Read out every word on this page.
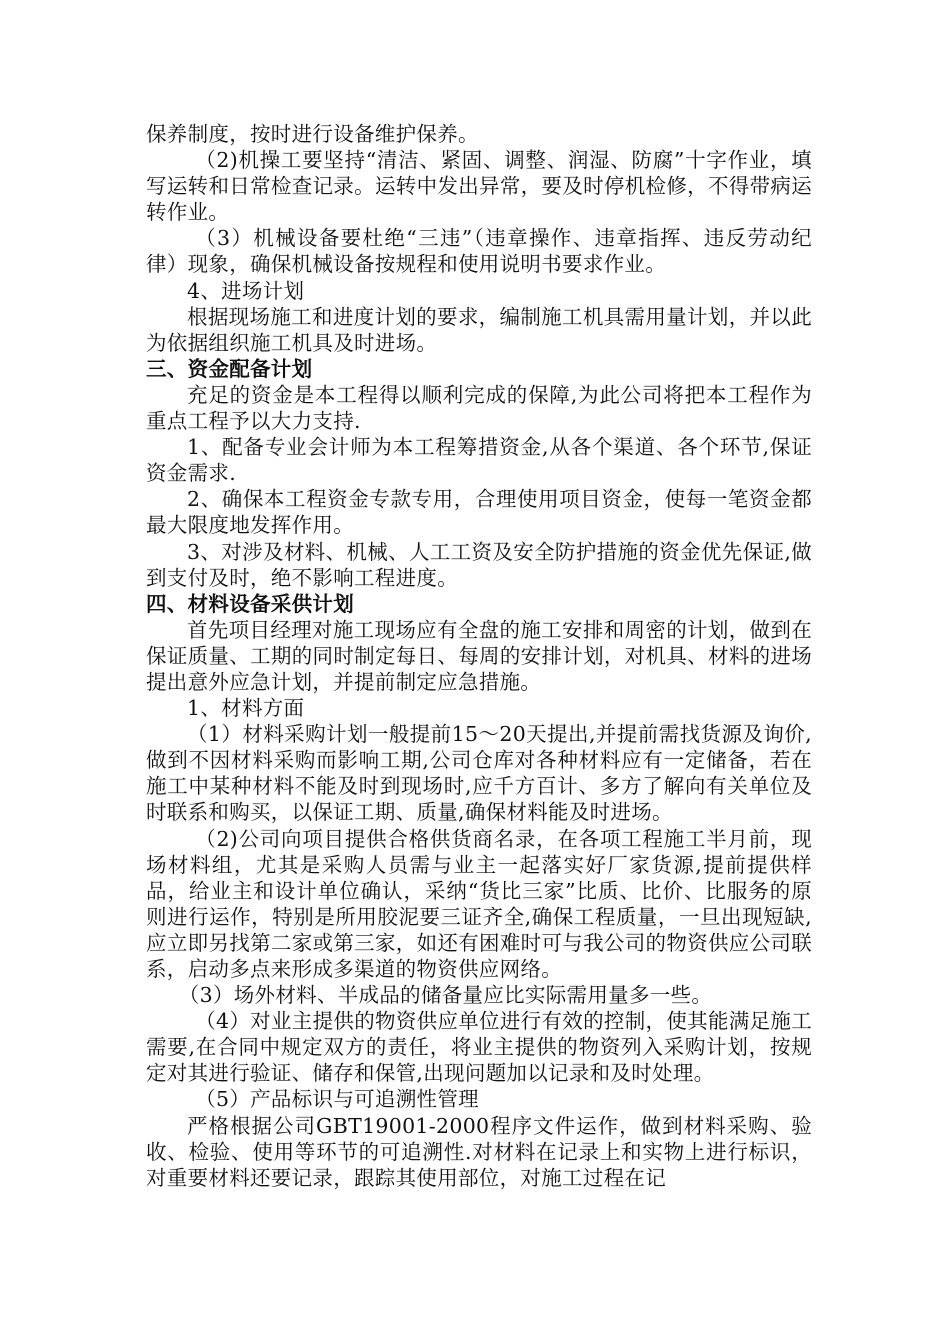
保养制度，按时进行设备维护保养。

（2)机操工要坚持“清洁、紧固、调整、润湿、防腐”十字作业，填写运转和日常检查记录。运转中发出异常，要及时停机检修，不得带病运转作业。

（3）机械设备要杜绝“三违”（违章操作、违章指挥、违反劳动纪律）现象，确保机械设备按规程和使用说明书要求作业。

4、进场计划

根据现场施工和进度计划的要求，编制施工机具需用量计划，并以此为依据组织施工机具及时进场。

三、资金配备计划

充足的资金是本工程得以顺利完成的保障,为此公司将把本工程作为重点工程予以大力支持.

1、配备专业会计师为本工程筹措资金,从各个渠道、各个环节,保证资金需求.

2、确保本工程资金专款专用，合理使用项目资金，使每一笔资金都最大限度地发挥作用。

3、对涉及材料、机械、人工工资及安全防护措施的资金优先保证,做到支付及时，绝不影响工程进度。

四、材料设备采供计划

首先项目经理对施工现场应有全盘的施工安排和周密的计划，做到在保证质量、工期的同时制定每日、每周的安排计划，对机具、材料的进场提出意外应急计划，并提前制定应急措施。

1、材料方面

（1）材料采购计划一般提前15～20天提出,并提前需找货源及询价,做到不因材料采购而影响工期,公司仓库对各种材料应有一定储备，若在施工中某种材料不能及时到现场时,应千方百计、多方了解向有关单位及时联系和购买，以保证工期、质量,确保材料能及时进场。

（2)公司向项目提供合格供货商名录，在各项工程施工半月前，现场材料组，尤其是采购人员需与业主一起落实好厂家货源,提前提供样品，给业主和设计单位确认，采纳“货比三家”比质、比价、比服务的原则进行运作，特别是所用胶泥要三证齐全,确保工程质量，一旦出现短缺,应立即另找第二家或第三家，如还有困难时可与我公司的物资供应公司联系，启动多点来形成多渠道的物资供应网络。

（3）场外材料、半成品的储备量应比实际需用量多一些。

（4）对业主提供的物资供应单位进行有效的控制，使其能满足施工需要,在合同中规定双方的责任，将业主提供的物资列入采购计划，按规定对其进行验证、储存和保管,出现问题加以记录和及时处理。

（5）产品标识与可追溯性管理

严格根据公司GBT19001-2000程序文件运作，做到材料采购、验收、检验、使用等环节的可追溯性.对材料在记录上和实物上进行标识，对重要材料还要记录，跟踪其使用部位，对施工过程在记
